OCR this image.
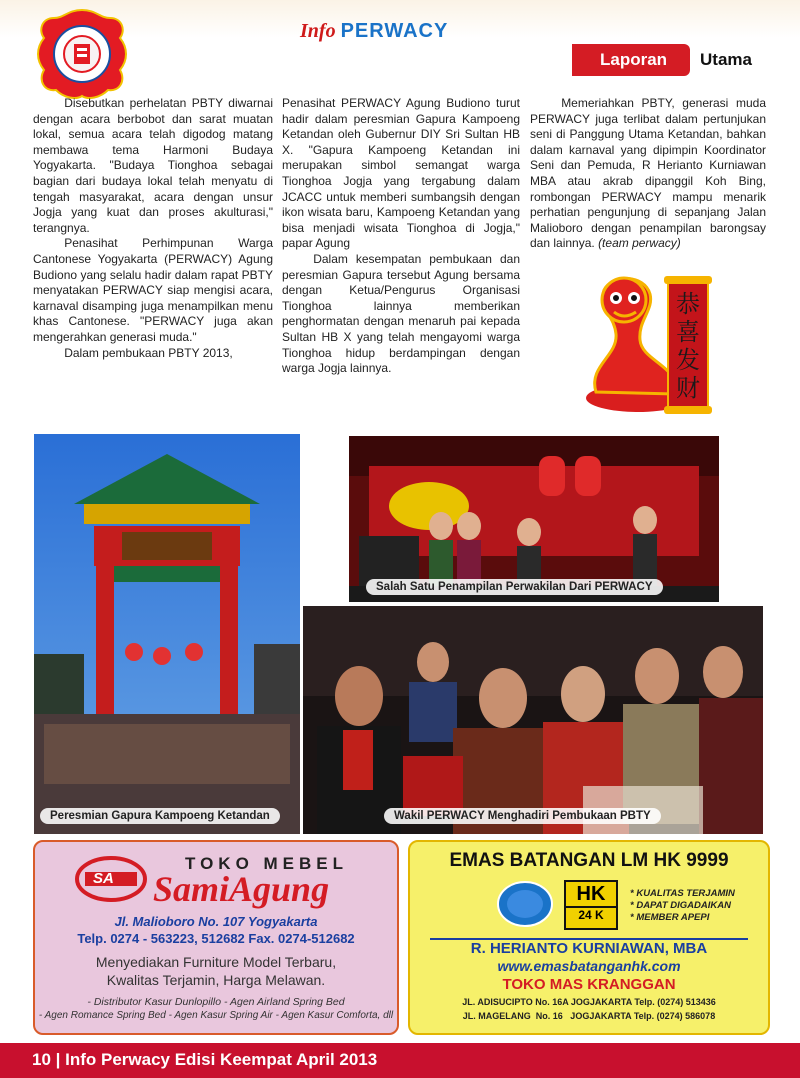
Info PERWACY
Laporan	Utama

Disebutkan perhelatan PBTY diwarnai dengan acara berbobot dan sarat muatan lokal, semua acara telah digodog matang membawa tema Harmoni Budaya Yogyakarta. "Budaya Tionghoa sebagai bagian dari budaya lokal telah menyatu di tengah masyarakat, acara dengan unsur Jogja yang kuat dan proses akulturasi," terangnya.

Penasihat Perhimpunan Warga Cantonese Yogyakarta (PERWACY) Agung Budiono yang selalu hadir dalam rapat PBTY menyatakan PERWACY siap mengisi acara, karnaval disamping juga menampilkan menu khas Cantonese. "PERWACY juga akan mengerahkan generasi muda."

Dalam pembukaan PBTY 2013,

Penasihat PERWACY Agung Budiono turut hadir dalam peresmian Gapura Kampoeng Ketandan oleh Gubernur DIY Sri Sultan HB X. "Gapura Kampoeng Ketandan ini merupakan simbol semangat warga Tionghoa Jogja yang tergabung dalam JCACC untuk memberi sumbangsih dengan ikon wisata baru, Kampoeng Ketandan yang bisa menjadi wisata Tionghoa di Jogja," papar Agung

Dalam kesempatan pembukaan dan peresmian Gapura tersebut Agung bersama dengan Ketua/Pengurus Organisasi Tionghoa lainnya memberikan penghormatan dengan menaruh pai kepada Sultan HB X yang telah mengayomi warga Tionghoa hidup berdampingan dengan warga Jogja lainnya.

Memeriahkan PBTY, generasi muda PERWACY juga terlibat dalam pertunjukan seni di Panggung Utama Ketandan, bahkan dalam karnaval yang dipimpin Koordinator Seni dan Pemuda, R Herianto Kurniawan MBA atau akrab dipanggil Koh Bing, rombongan PERWACY mampu menarik perhatian pengunjung di sepanjang Jalan Malioboro dengan penampilan barongsay dan lainnya. (team perwacy)

恭喜发财
Peresmian Gapura Kampoeng Ketandan
Salah Satu Penampilan Perwakilan Dari PERWACY
Wakil PERWACY Menghadiri Pembukaan PBTY
TOKO MEBEL
SA SamiAgung
Jl. Malioboro No. 107 Yogyakarta
Telp. 0274 - 563223, 512682 Fax. 0274-512682
Menyediakan Furniture Model Terbaru,
Kwalitas Terjamin, Harga Melawan.
- Distributor Kasur Dunlopillo - Agen Airland Spring Bed
- Agen Romance Spring Bed - Agen Kasur Spring Air - Agen Kasur Comforta, dll
EMAS BATANGAN LM HK 9999
HK
24 K
* KUALITAS TERJAMIN
* DAPAT DIGADAIKAN
* MEMBER APEPI
R. HERIANTO KURNIAWAN, MBA
www.emasbatanganhk.com
TOKO MAS KRANGGAN
JL. ADISUCIPTO No. 16A JOGJAKARTA Telp. (0274) 513436
JL. MAGELANG  No. 16   JOGJAKARTA Telp. (0274) 586078
10 | Info Perwacy Edisi Keempat April 2013
